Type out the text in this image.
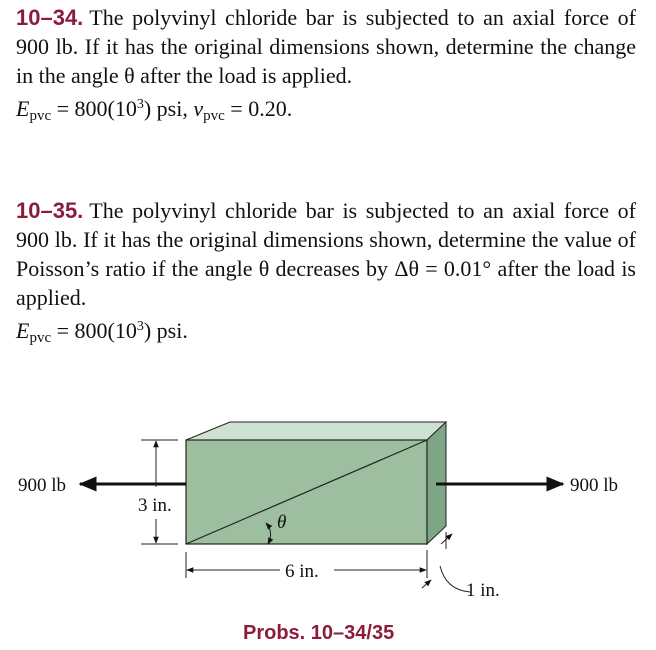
10–34. The polyvinyl chloride bar is subjected to an axial force of 900 lb. If it has the original dimensions shown, determine the change in the angle θ after the load is applied.
$E_{pvc} = 800(10^3)$ psi, $\nu_{pvc} = 0.20$.
10–35. The polyvinyl chloride bar is subjected to an axial force of 900 lb. If it has the original dimensions shown, determine the value of Poisson’s ratio if the angle θ decreases by Δθ = 0.01° after the load is applied.
$E_{pvc} = 800(10^3)$ psi.
θ
900 lb	900 lb
3 in.
6 in.
1 in.
Probs. 10–34/35
